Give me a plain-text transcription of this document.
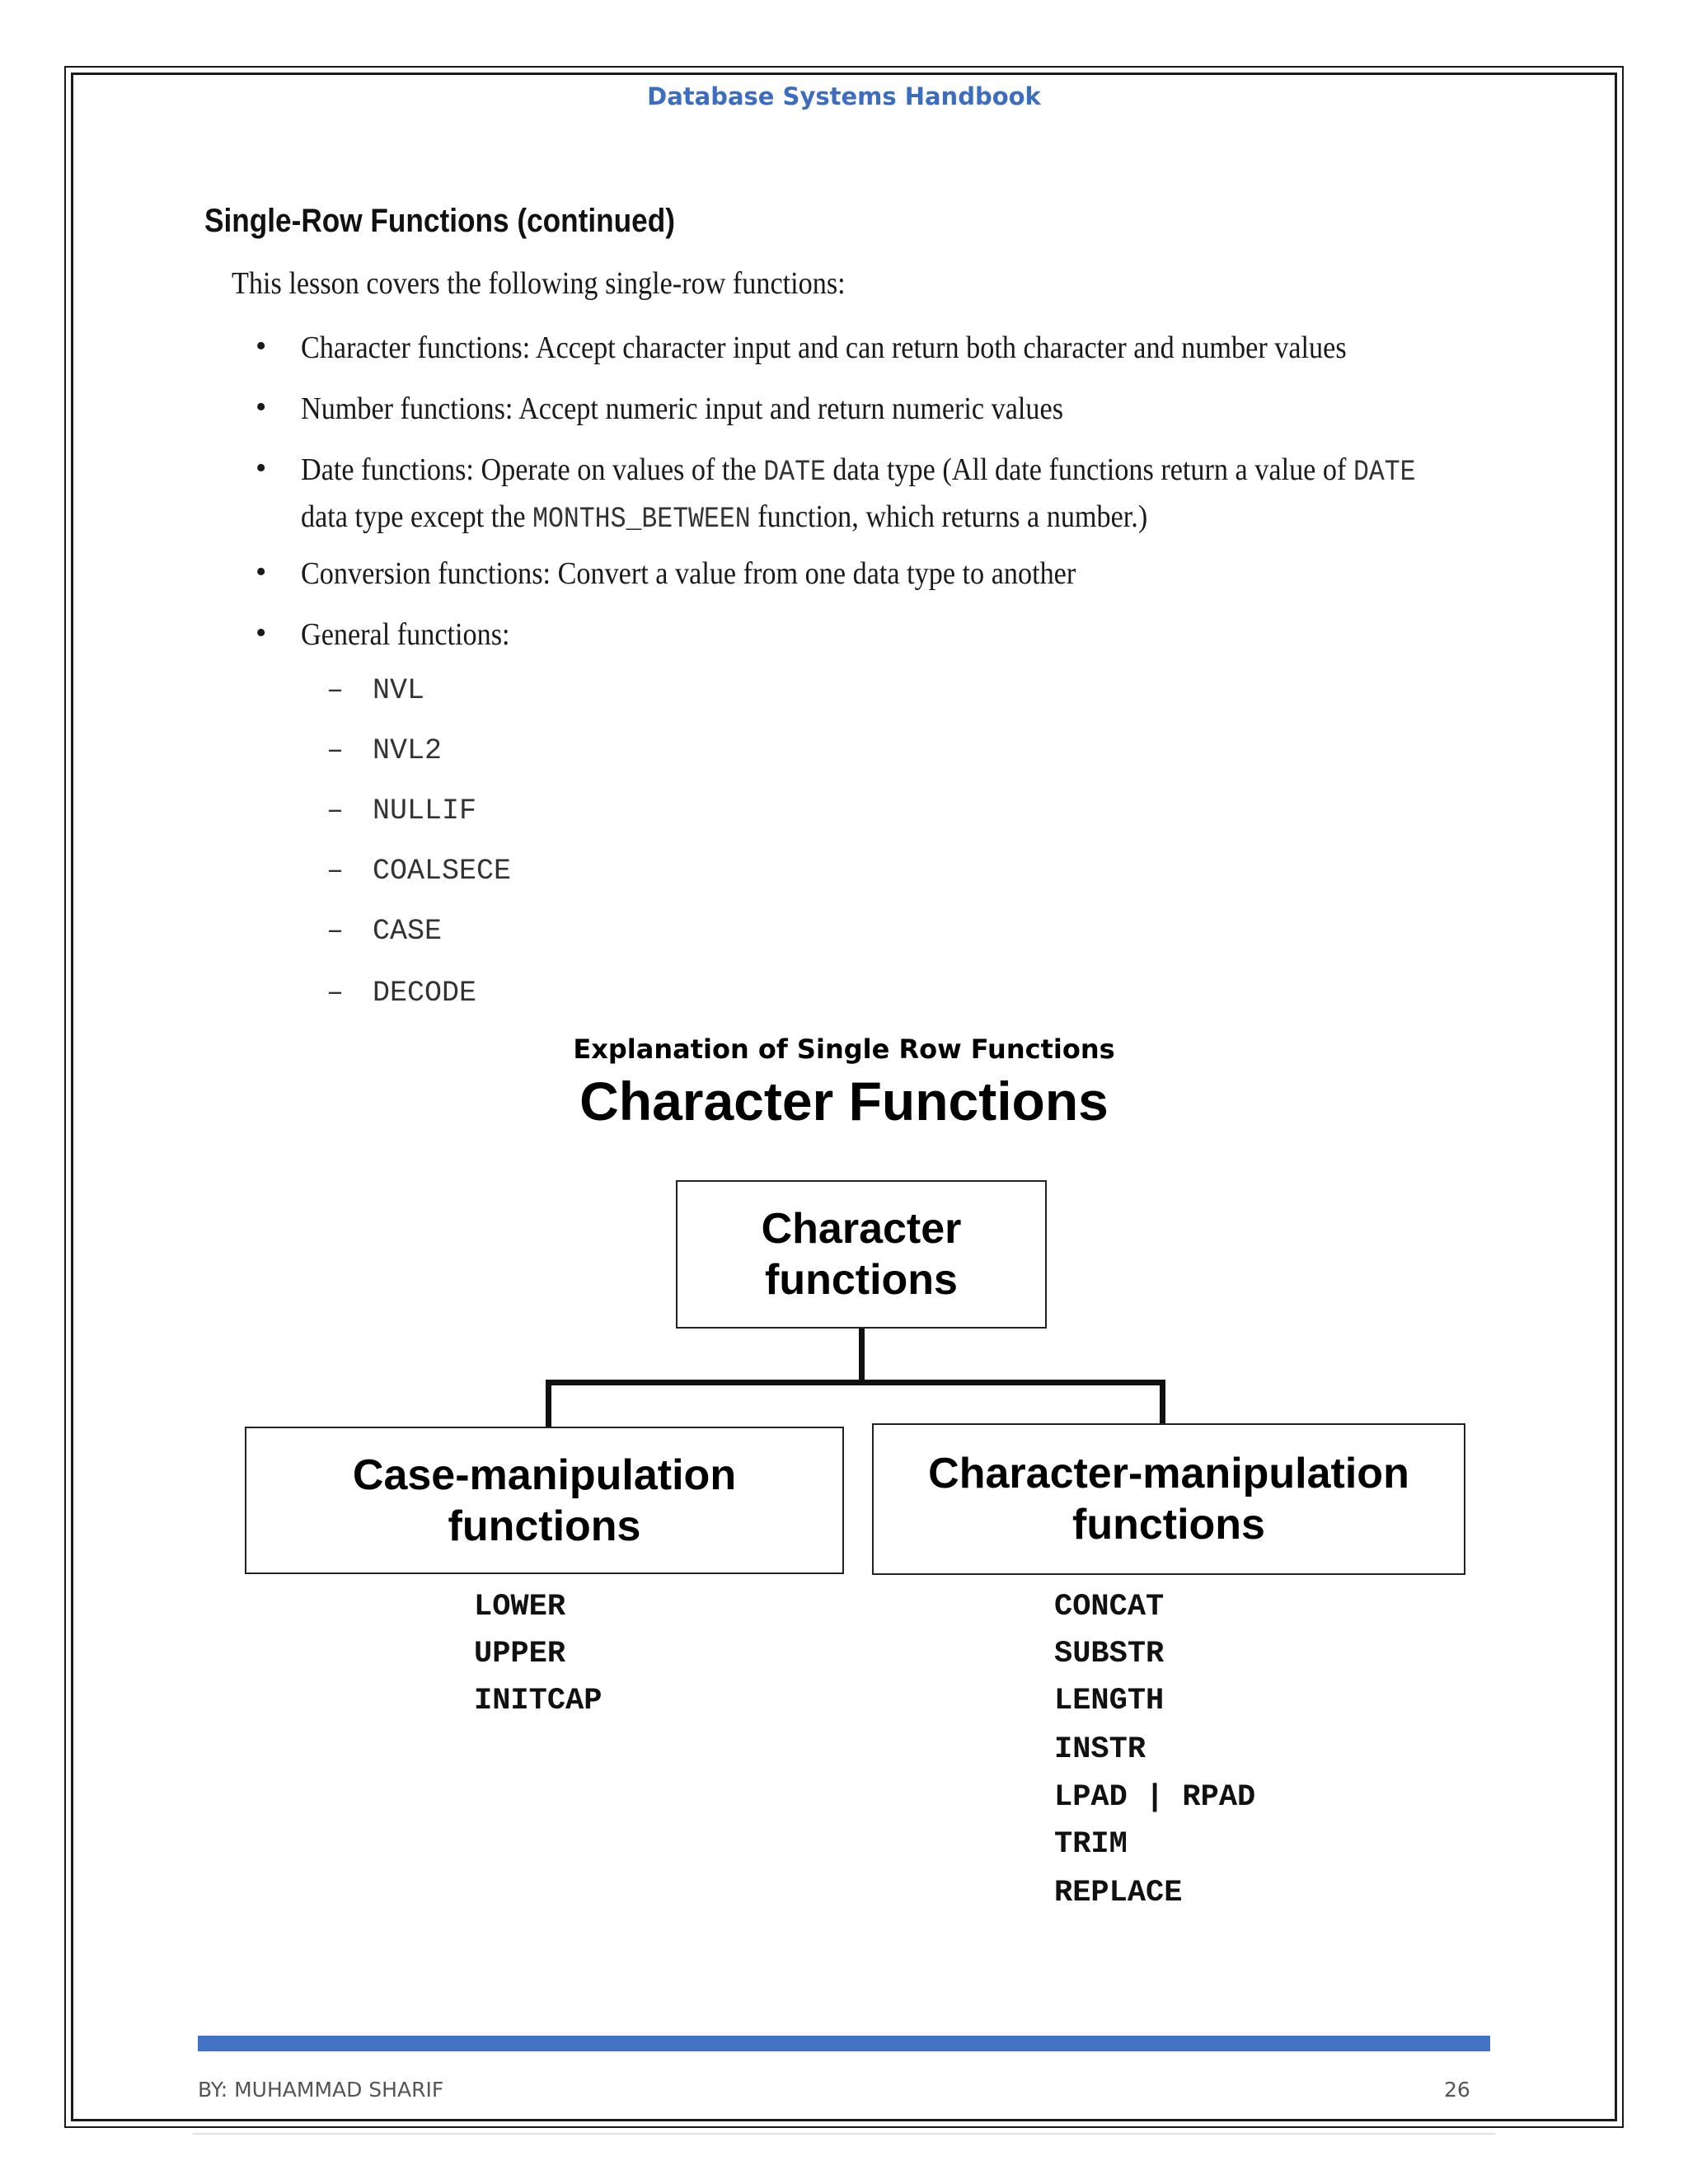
Database Systems Handbook
Single-Row Functions (continued)
This lesson covers the following single-row functions:
• Character functions: Accept character input and can return both character and number values
• Number functions: Accept numeric input and return numeric values
• Date functions: Operate on values of the DATE data type (All date functions return a value of DATE
data type except the MONTHS_BETWEEN function, which returns a number.)
• Conversion functions: Convert a value from one data type to another
• General functions:
– NVL
– NVL2
– NULLIF
– COALSECE
– CASE
– DECODE
Explanation of Single Row Functions
Character Functions
Character
functions
Case-manipulation
functions
Character-manipulation
functions
LOWER
UPPER
INITCAP
CONCAT
SUBSTR
LENGTH
INSTR
LPAD | RPAD
TRIM
REPLACE
BY: MUHAMMAD SHARIF	26
